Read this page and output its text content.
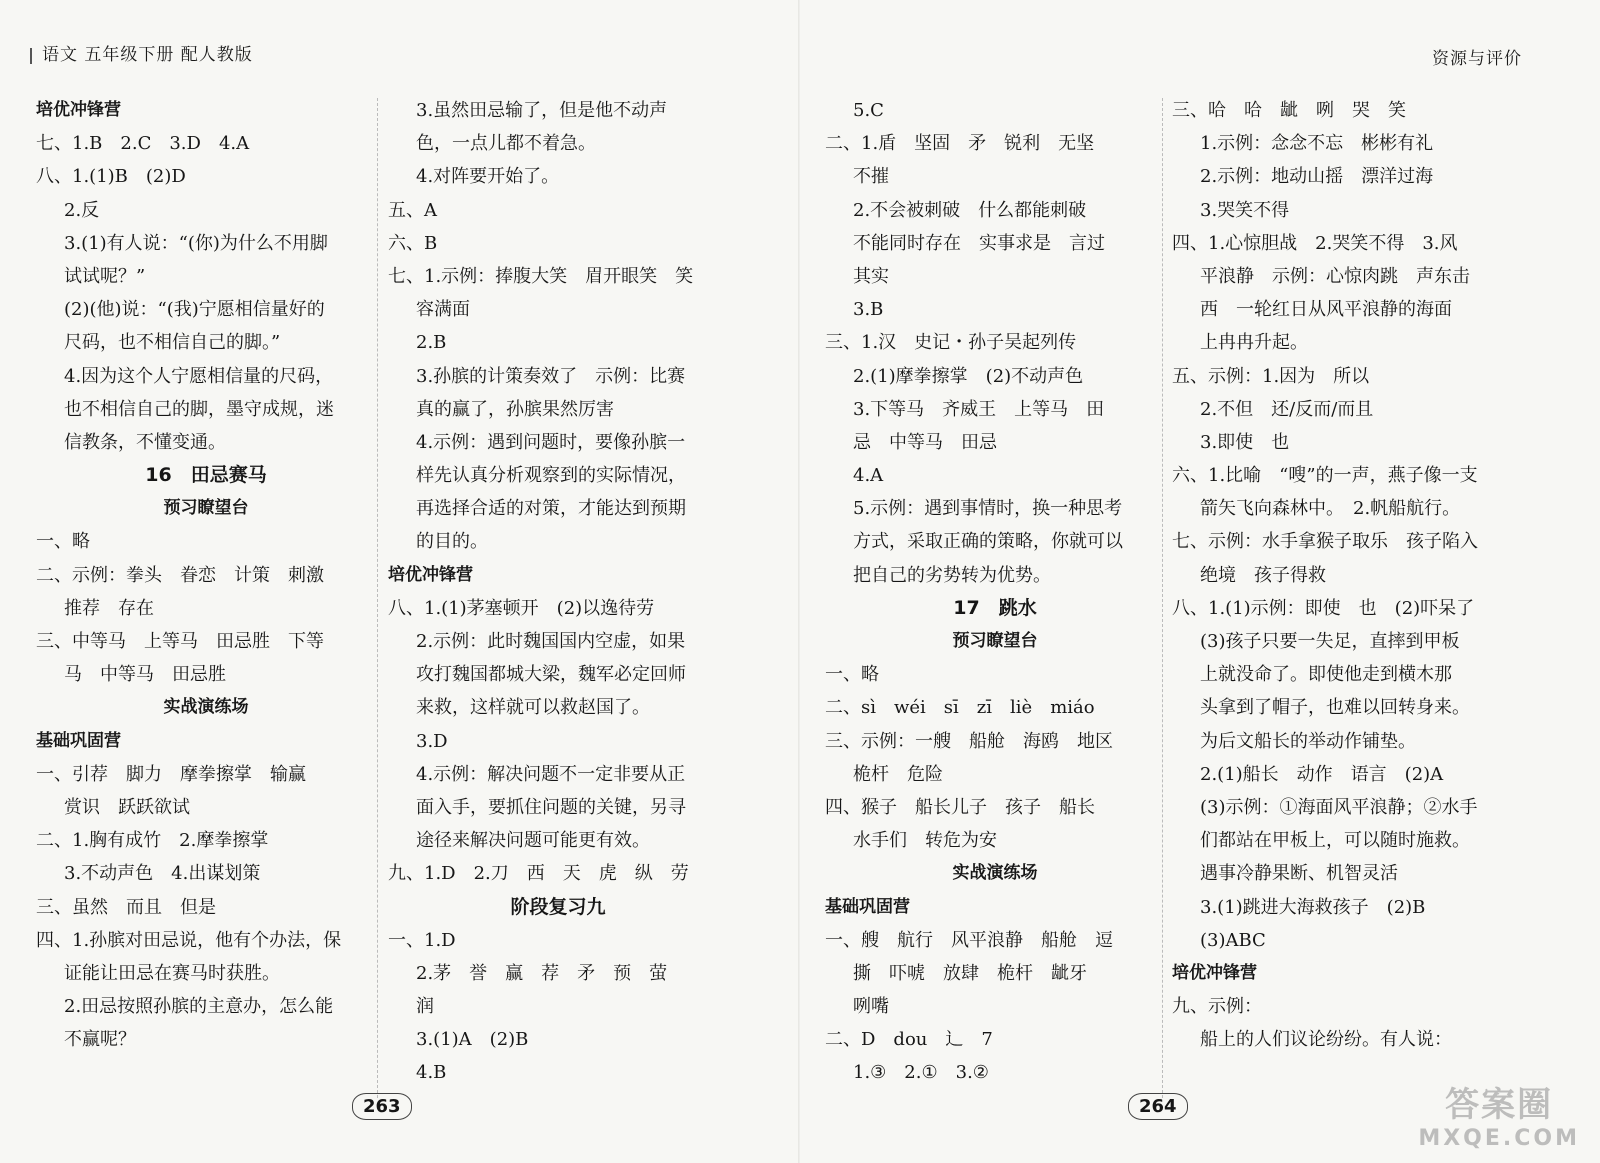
语文 五年级下册 配人教版	资源与评价
培优冲锋营
七、1.B　2.C　3.D　4.A
八、1.(1)B　(2)D
2.反
3.(1)有人说：“(你)为什么不用脚
试试呢？”
(2)(他)说：“(我)宁愿相信量好的
尺码，也不相信自己的脚。”
4.因为这个人宁愿相信量的尺码，
也不相信自己的脚，墨守成规，迷
信教条，不懂变通。
16　田忌赛马
预习瞭望台
一、略
二、示例：拳头　眷恋　计策　刺激
推荐　存在
三、中等马　上等马　田忌胜　下等
马　中等马　田忌胜
实战演练场
基础巩固营
一、引荐　脚力　摩拳擦掌　输赢
赏识　跃跃欲试
二、1.胸有成竹　2.摩拳擦掌
3.不动声色　4.出谋划策
三、虽然　而且　但是
四、1.孙膑对田忌说，他有个办法，保
证能让田忌在赛马时获胜。
2.田忌按照孙膑的主意办，怎么能
不赢呢？
3.虽然田忌输了，但是他不动声
色，一点儿都不着急。
4.对阵要开始了。
五、A
六、B
七、1.示例：捧腹大笑　眉开眼笑　笑
容满面
2.B
3.孙膑的计策奏效了　示例：比赛
真的赢了，孙膑果然厉害
4.示例：遇到问题时，要像孙膑一
样先认真分析观察到的实际情况，
再选择合适的对策，才能达到预期
的目的。
培优冲锋营
八、1.(1)茅塞顿开　(2)以逸待劳
2.示例：此时魏国国内空虚，如果
攻打魏国都城大梁，魏军必定回师
来救，这样就可以救赵国了。
3.D
4.示例：解决问题不一定非要从正
面入手，要抓住问题的关键，另寻
途径来解决问题可能更有效。
九、1.D　2.刀　西　天　虎　纵　劳
阶段复习九
一、1.D
2.茅　誉　赢　荐　矛　预　萤
润
3.(1)A　(2)B
4.B
5.C
二、1.盾　坚固　矛　锐利　无坚
不摧
2.不会被刺破　什么都能刺破
不能同时存在　实事求是　言过
其实
3.B
三、1.汉　史记・孙子吴起列传
2.(1)摩拳擦掌　(2)不动声色
3.下等马　齐威王　上等马　田
忌　中等马　田忌
4.A
5.示例：遇到事情时，换一种思考
方式，采取正确的策略，你就可以
把自己的劣势转为优势。
17　跳水
预习瞭望台
一、略
二、sì　wéi　sī　zī　liè　miáo
三、示例：一艘　船舱　海鸥　地区
桅杆　危险
四、猴子　船长儿子　孩子　船长
水手们　转危为安
实战演练场
基础巩固营
一、艘　航行　风平浪静　船舱　逗
撕　吓唬　放肆　桅杆　龇牙
咧嘴
二、D　dou　辶　7
1.③　2.①　3.②
三、哈　哈　龇　咧　哭　笑
1.示例：念念不忘　彬彬有礼
2.示例：地动山摇　漂洋过海
3.哭笑不得
四、1.心惊胆战　2.哭笑不得　3.风
平浪静　示例：心惊肉跳　声东击
西　一轮红日从风平浪静的海面
上冉冉升起。
五、示例：1.因为　所以
2.不但　还/反而/而且
3.即使　也
六、1.比喻　“嗖”的一声，燕子像一支
箭矢飞向森林中。　2.帆船航行。
七、示例：水手拿猴子取乐　孩子陷入
绝境　孩子得救
八、1.(1)示例：即使　也　(2)吓呆了
(3)孩子只要一失足，直摔到甲板
上就没命了。即使他走到横木那
头拿到了帽子，也难以回转身来。
为后文船长的举动作铺垫。
2.(1)船长　动作　语言　(2)A
(3)示例：①海面风平浪静；②水手
们都站在甲板上，可以随时施救。
遇事冷静果断、机智灵活
3.(1)跳进大海救孩子　(2)B
(3)ABC
培优冲锋营
九、示例：
船上的人们议论纷纷。有人说：
263	264	答案圈
MXQE.COM
